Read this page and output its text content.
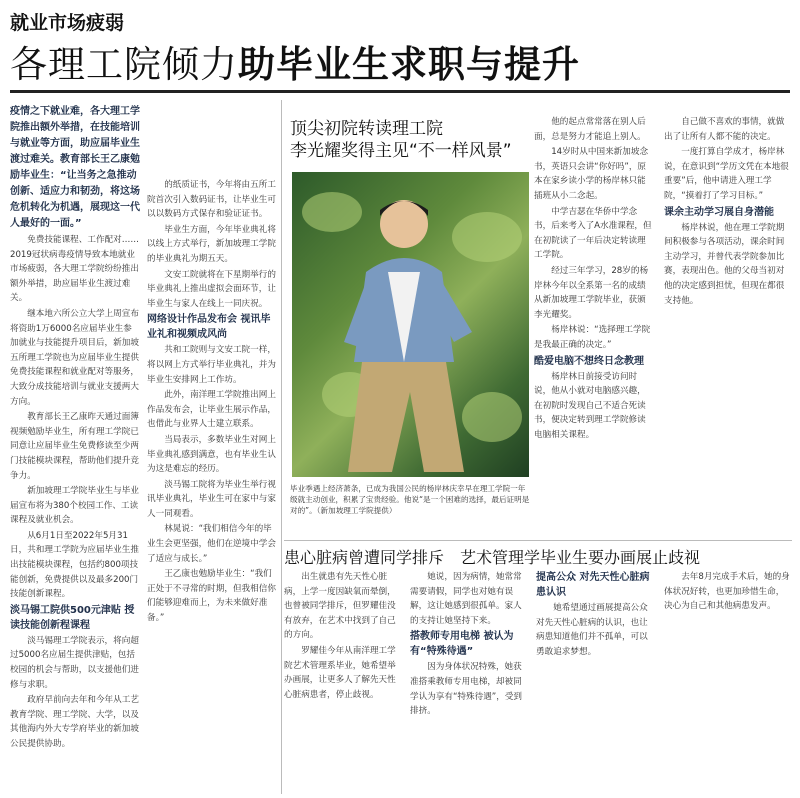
就业市场疲弱
各理工院倾力助毕业生求职与提升

疫情之下就业难，各大理工学院推出额外举措，在技能培训与就业等方面，助应届毕业生渡过难关。教育部长王乙康勉励毕业生：“让当务之急推动创新、适应力和韧劲，将这场危机转化为机遇，展现这一代人最好的一面。”

免费技能课程、工作配对……2019冠状病毒疫情导致本地就业市场疲弱，各大理工学院纷纷推出额外举措，助应届毕业生渡过难关。

继本地六所公立大学上周宣布将资助1万6000名应届毕业生参加就业与技能提升项目后，新加坡五所理工学院也为应届毕业生提供免费技能课程和就业配对等服务，大致分成技能培训与就业支援两大方向。

教育部长王乙康昨天通过面簿视频勉励毕业生，所有理工学院已同意让应届毕业生免费修读至少两门技能模块课程，帮助他们提升竞争力。

新加坡理工学院毕业生与毕业届宣布将为380个校园工作、工读课程及就业机会。

从6月1日至2022年5月31日，共和理工学院为应届毕业生推出技能模块课程，包括约800项技能创新，免费提供以及最多200门技能创新课程。

淡马锡工院供500元津贴 授读技能创新程课程

淡马锡理工学院表示，将向超过5000名应届生提供津贴，包括校园的机会与帮助，以支援他们进修与求职。

政府早前向去年和今年从工艺教育学院、理工学院、大学，以及其他海内外大专学府毕业的新加坡公民提供协助。

的纸质证书，今年将由五所工院首次引入数码证书，让毕业生可以以数码方式保存和验证证书。

毕业生方面，今年毕业典礼将以线上方式举行，新加坡理工学院的毕业典礼为期五天。

文安工院就将在下星期举行的毕业典礼上推出虚拟会面环节，让毕业生与家人在线上一同庆祝。

网络设计作品发布会 视讯毕业礼和视频成风尚

共和工院则与文安工院一样，将以网上方式举行毕业典礼，并为毕业生安排网上工作坊。

此外，南洋理工学院推出网上作品发布会，让毕业生展示作品，也借此与业界人士建立联系。

当局表示，多数毕业生对网上毕业典礼感到满意，也有毕业生认为这是难忘的经历。

淡马锡工院将为毕业生举行视讯毕业典礼，毕业生可在家中与家人一同观看。

林晁说：“我们相信今年的毕业生会更坚强，他们在逆境中学会了适应与成长。”

王乙康也勉励毕业生：“我们正处于不寻常的时期，但我相信你们能够迎难而上，为未来做好准备。”

顶尖初院转读理工院
李光耀奖得主见“不一样风景”
毕业季遇上经济萧条，已成为我国公民的杨岸林庆幸早在理工学院一年级就主动创业，积累了宝贵经验。他说“是一个困难的选择，最后证明是对的”。（新加坡理工学院提供）

他的起点常常落在别人后面，总是努力才能追上别人。

14岁时从中国来新加坡念书，英语只会讲“你好吗”，原本在家乡读小学的杨岸林只能插班从小二念起。

中学吉瑟在华侨中学念书，后来考入了A水准课程，但在初院读了一年后决定转读理工学院。

经过三年学习，28岁的杨岸林今年以全系第一名的成绩从新加坡理工学院毕业，获颁李光耀奖。

杨岸林说：“选择理工学院是我最正确的决定。”

酷爱电脑不想终日念教理

杨岸林日前接受访问时说，他从小就对电脑感兴趣，在初院时发现自己不适合死读书，便决定转到理工学院修读电脑相关课程。

自己做不喜欢的事情，就做出了让所有人都不能的决定。

一度打算自学成才，杨岸林说，在意识到“学历文凭在本地很重要”后，他申请进入理工学院，“摸着打了学习目标。”

课余主动学习展自身潜能

杨岸林说，他在理工学院期间积极参与各项活动，课余时间主动学习，并曾代表学院参加比赛，表现出色。他的父母当初对他的决定感到担忧，但现在都很支持他。

患心脏病曾遭同学排斥　艺术管理学毕业生要办画展止歧视

出生就患有先天性心脏病，上学一度因缺氧而晕倒，也曾被同学排斥，但罗耀佳没有放弃，在艺术中找到了自己的方向。

罗耀佳今年从南洋理工学院艺术管理系毕业，她希望举办画展，让更多人了解先天性心脏病患者，停止歧视。

她说，因为病情，她常常需要请假，同学也对她有误解，这让她感到很孤单。家人的支持让她坚持下来。

搭教师专用电梯 被认为有“特殊待遇”

因为身体状况特殊，她获准搭乘教师专用电梯，却被同学认为享有“特殊待遇”，受到排挤。

提高公众 对先天性心脏病患认识

她希望通过画展提高公众对先天性心脏病的认识，也让病患知道他们并不孤单，可以勇敢追求梦想。

去年8月完成手术后，她的身体状况好转，也更加珍惜生命，决心为自己和其他病患发声。
